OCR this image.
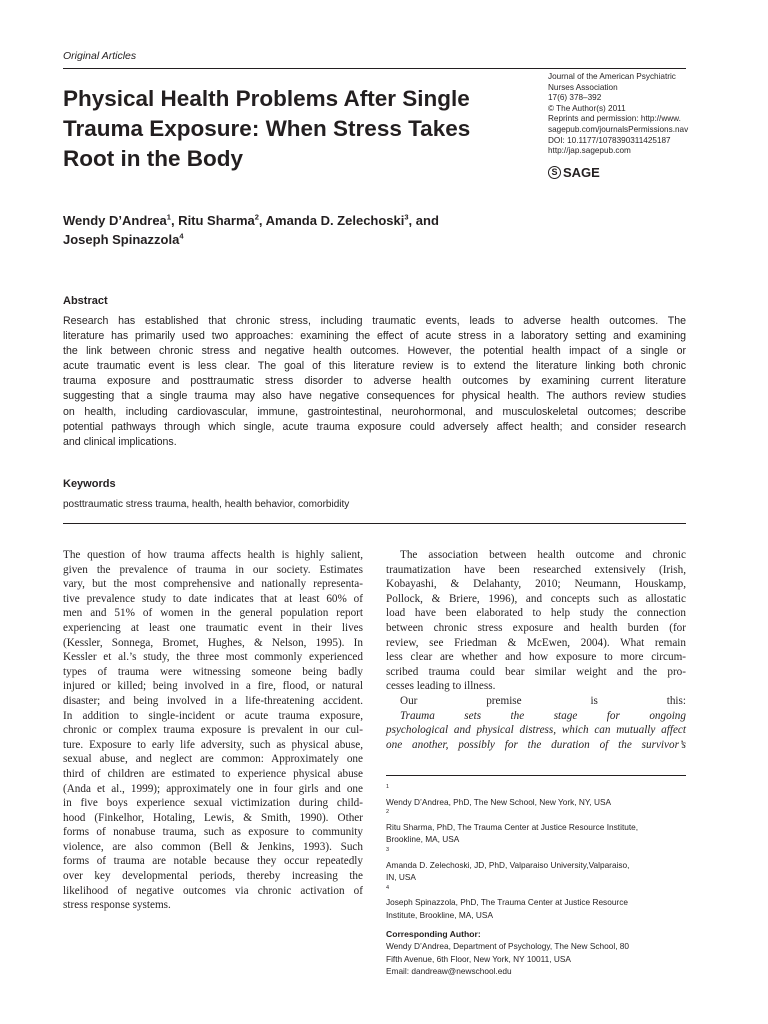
Original Articles
Physical Health Problems After Single
Trauma Exposure: When Stress Takes
Root in the Body
Journal of the American Psychiatric
Nurses Association
17(6) 378–392
© The Author(s) 2011
Reprints and permission: http://www.
sagepub.com/journalsPermissions.nav
DOI: 10.1177/1078390311425187
http://jap.sagepub.com
S SAGE
Wendy D’Andrea$^1$, Ritu Sharma$^2$, Amanda D. Zelechoski$^3$, and
Joseph Spinazzola$^4$
Abstract
Research has established that chronic stress, including traumatic events, leads to adverse health outcomes. The
literature has primarily used two approaches: examining the effect of acute stress in a laboratory setting and examining
the link between chronic stress and negative health outcomes. However, the potential health impact of a single or
acute traumatic event is less clear. The goal of this literature review is to extend the literature linking both chronic
trauma exposure and posttraumatic stress disorder to adverse health outcomes by examining current literature
suggesting that a single trauma may also have negative consequences for physical health. The authors review studies
on health, including cardiovascular, immune, gastrointestinal, neurohormonal, and musculoskeletal outcomes; describe
potential pathways through which single, acute trauma exposure could adversely affect health; and consider research
and clinical implications.
Keywords
posttraumatic stress trauma, health, health behavior, comorbidity
The question of how trauma affects health is highly salient,
given the prevalence of trauma in our society. Estimates
vary, but the most comprehensive and nationally representa-
tive prevalence study to date indicates that at least 60% of
men and 51% of women in the general population report
experiencing at least one traumatic event in their lives
(Kessler, Sonnega, Bromet, Hughes, & Nelson, 1995). In
Kessler et al.’s study, the three most commonly experienced
types of trauma were witnessing someone being badly
injured or killed; being involved in a fire, flood, or natural
disaster; and being involved in a life-threatening accident.
In addition to single-incident or acute trauma exposure,
chronic or complex trauma exposure is prevalent in our cul-
ture. Exposure to early life adversity, such as physical abuse,
sexual abuse, and neglect are common: Approximately one
third of children are estimated to experience physical abuse
(Anda et al., 1999); approximately one in four girls and one
in five boys experience sexual victimization during child-
hood (Finkelhor, Hotaling, Lewis, & Smith, 1990). Other
forms of nonabuse trauma, such as exposure to community
violence, are also common (Bell & Jenkins, 1993). Such
forms of trauma are notable because they occur repeatedly
over key developmental periods, thereby increasing the
likelihood of negative outcomes via chronic activation of
stress response systems.
The association between health outcome and chronic
traumatization have been researched extensively (Irish,
Kobayashi, & Delahanty, 2010; Neumann, Houskamp,
Pollock, & Briere, 1996), and concepts such as allostatic
load have been elaborated to help study the connection
between chronic stress exposure and health burden (for
review, see Friedman & McEwen, 2004). What remain
less clear are whether and how exposure to more circum-
scribed trauma could bear similar weight and the pro-
cesses leading to illness.
Our premise is this:
Trauma sets the stage for ongoing
psychological and physical distress, which can mutually affect
one another, possibly for the duration of the survivor’s
$^1$
Wendy D’Andrea, PhD, The New School, New York, NY, USA
$^2$
Ritu Sharma, PhD, The Trauma Center at Justice Resource Institute,
Brookline, MA, USA
$^3$
Amanda D. Zelechoski, JD, PhD, Valparaiso University,Valparaiso,
IN, USA
$^4$
Joseph Spinazzola, PhD, The Trauma Center at Justice Resource
Institute, Brookline, MA, USA
Corresponding Author:
Wendy D’Andrea, Department of Psychology, The New School, 80
Fifth Avenue, 6th Floor, New York, NY 10011, USA
Email: dandreaw@newschool.edu
